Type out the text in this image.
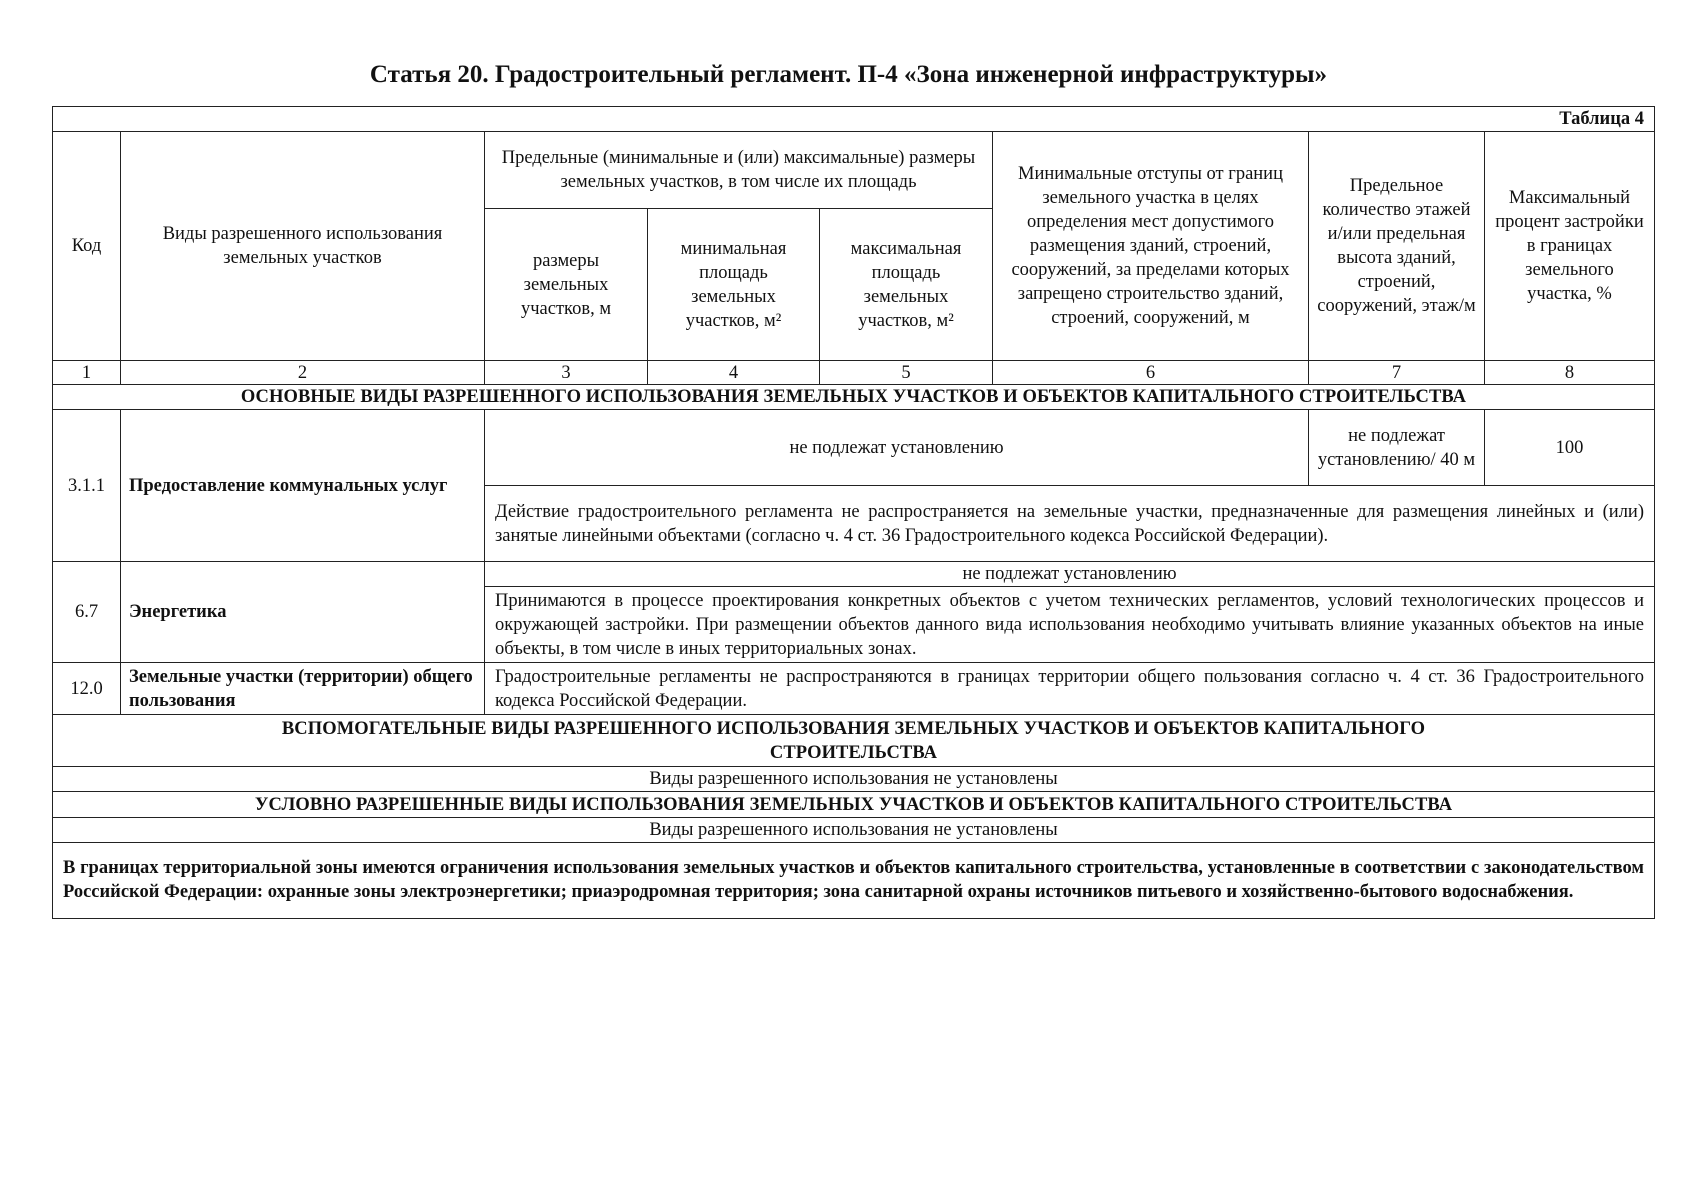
Статья 20. Градостроительный регламент. П-4 «Зона инженерной инфраструктуры»
Таблица 4							
Код	Виды разрешенного использования земельных участков	Предельные (минимальные и (или) максимальные) размеры земельных участков, в том числе их площадь			Минимальные отступы от границ земельного участка в целях определения мест допустимого размещения зданий, строений, сооружений, за пределами которых запрещено строительство зданий, строений, сооружений, м	Предельное количество этажей и/или предельная высота зданий, строений, сооружений, этаж/м	Максимальный процент застройки в границах земельного участка, %
		размеры земельных участков, м	минимальная площадь земельных участков, м²	максимальная площадь земельных участков, м²			
1	2	3	4	5	6	7	8
ОСНОВНЫЕ ВИДЫ РАЗРЕШЕННОГО ИСПОЛЬЗОВАНИЯ ЗЕМЕЛЬНЫХ УЧАСТКОВ И ОБЪЕКТОВ КАПИТАЛЬНОГО СТРОИТЕЛЬСТВА							
3.1.1	Предоставление коммунальных услуг	не подлежат установлению				не подлежат установлению/ 40 м	100
		Действие градостроительного регламента не распространяется на земельные участки, предназначенные для размещения линейных и (или) занятые линейными объектами (согласно ч. 4 ст. 36 Градостроительного кодекса Российской Федерации).					
6.7	Энергетика	не подлежат установлению					
		Принимаются в процессе проектирования конкретных объектов с учетом технических регламентов, условий технологических процессов и окружающей застройки. При размещении объектов данного вида использования необходимо учитывать влияние указанных объектов на иные объекты, в том числе в иных территориальных зонах.					
12.0	Земельные участки (территории) общего пользования	Градостроительные регламенты не распространяются в границах территории общего пользования согласно ч. 4 ст. 36 Градостроительного кодекса Российской Федерации.					
ВСПОМОГАТЕЛЬНЫЕ ВИДЫ РАЗРЕШЕННОГО ИСПОЛЬЗОВАНИЯ ЗЕМЕЛЬНЫХ УЧАСТКОВ И ОБЪЕКТОВ КАПИТАЛЬНОГО СТРОИТЕЛЬСТВА							
Виды разрешенного использования не установлены							
УСЛОВНО РАЗРЕШЕННЫЕ ВИДЫ ИСПОЛЬЗОВАНИЯ ЗЕМЕЛЬНЫХ УЧАСТКОВ И ОБЪЕКТОВ КАПИТАЛЬНОГО СТРОИТЕЛЬСТВА							
Виды разрешенного использования не установлены							
В границах территориальной зоны имеются ограничения использования земельных участков и объектов капитального строительства, установленные в соответствии с законодательством Российской Федерации: охранные зоны электроэнергетики; приаэродромная территория; зона санитарной охраны источников питьевого и хозяйственно-бытового водоснабжения.							
